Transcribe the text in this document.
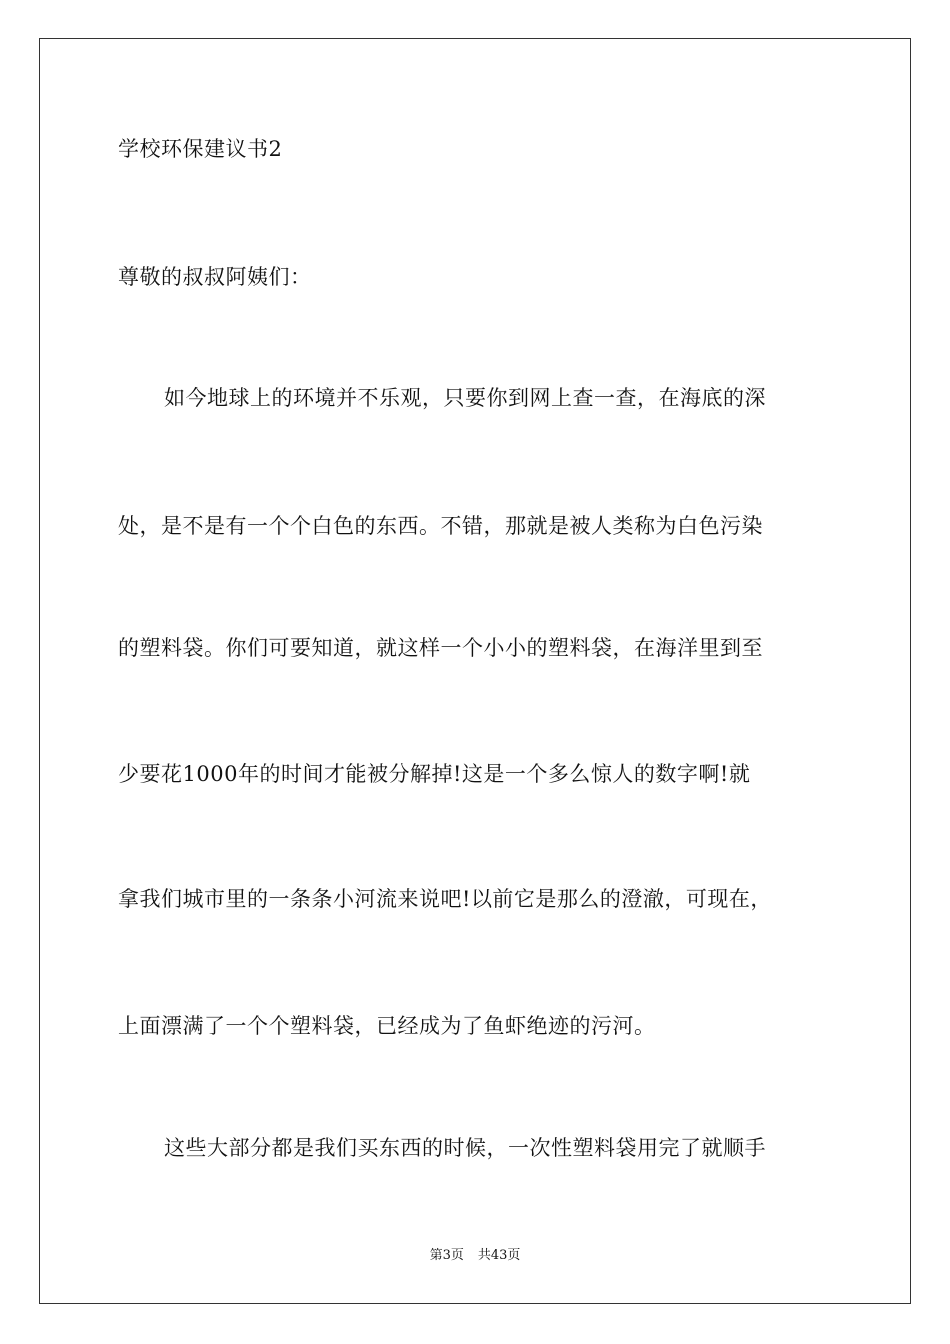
学校环保建议书2
尊敬的叔叔阿姨们：
如今地球上的环境并不乐观，只要你到网上查一查，在海底的深
处，是不是有一个个白色的东西。不错，那就是被人类称为白色污染
的塑料袋。你们可要知道，就这样一个小小的塑料袋，在海洋里到至
少要花1000年的时间才能被分解掉!这是一个多么惊人的数字啊!就
拿我们城市里的一条条小河流来说吧!以前它是那么的澄澈，可现在，
上面漂满了一个个塑料袋，已经成为了鱼虾绝迹的污河。
这些大部分都是我们买东西的时候，一次性塑料袋用完了就顺手
第3页 共43页
